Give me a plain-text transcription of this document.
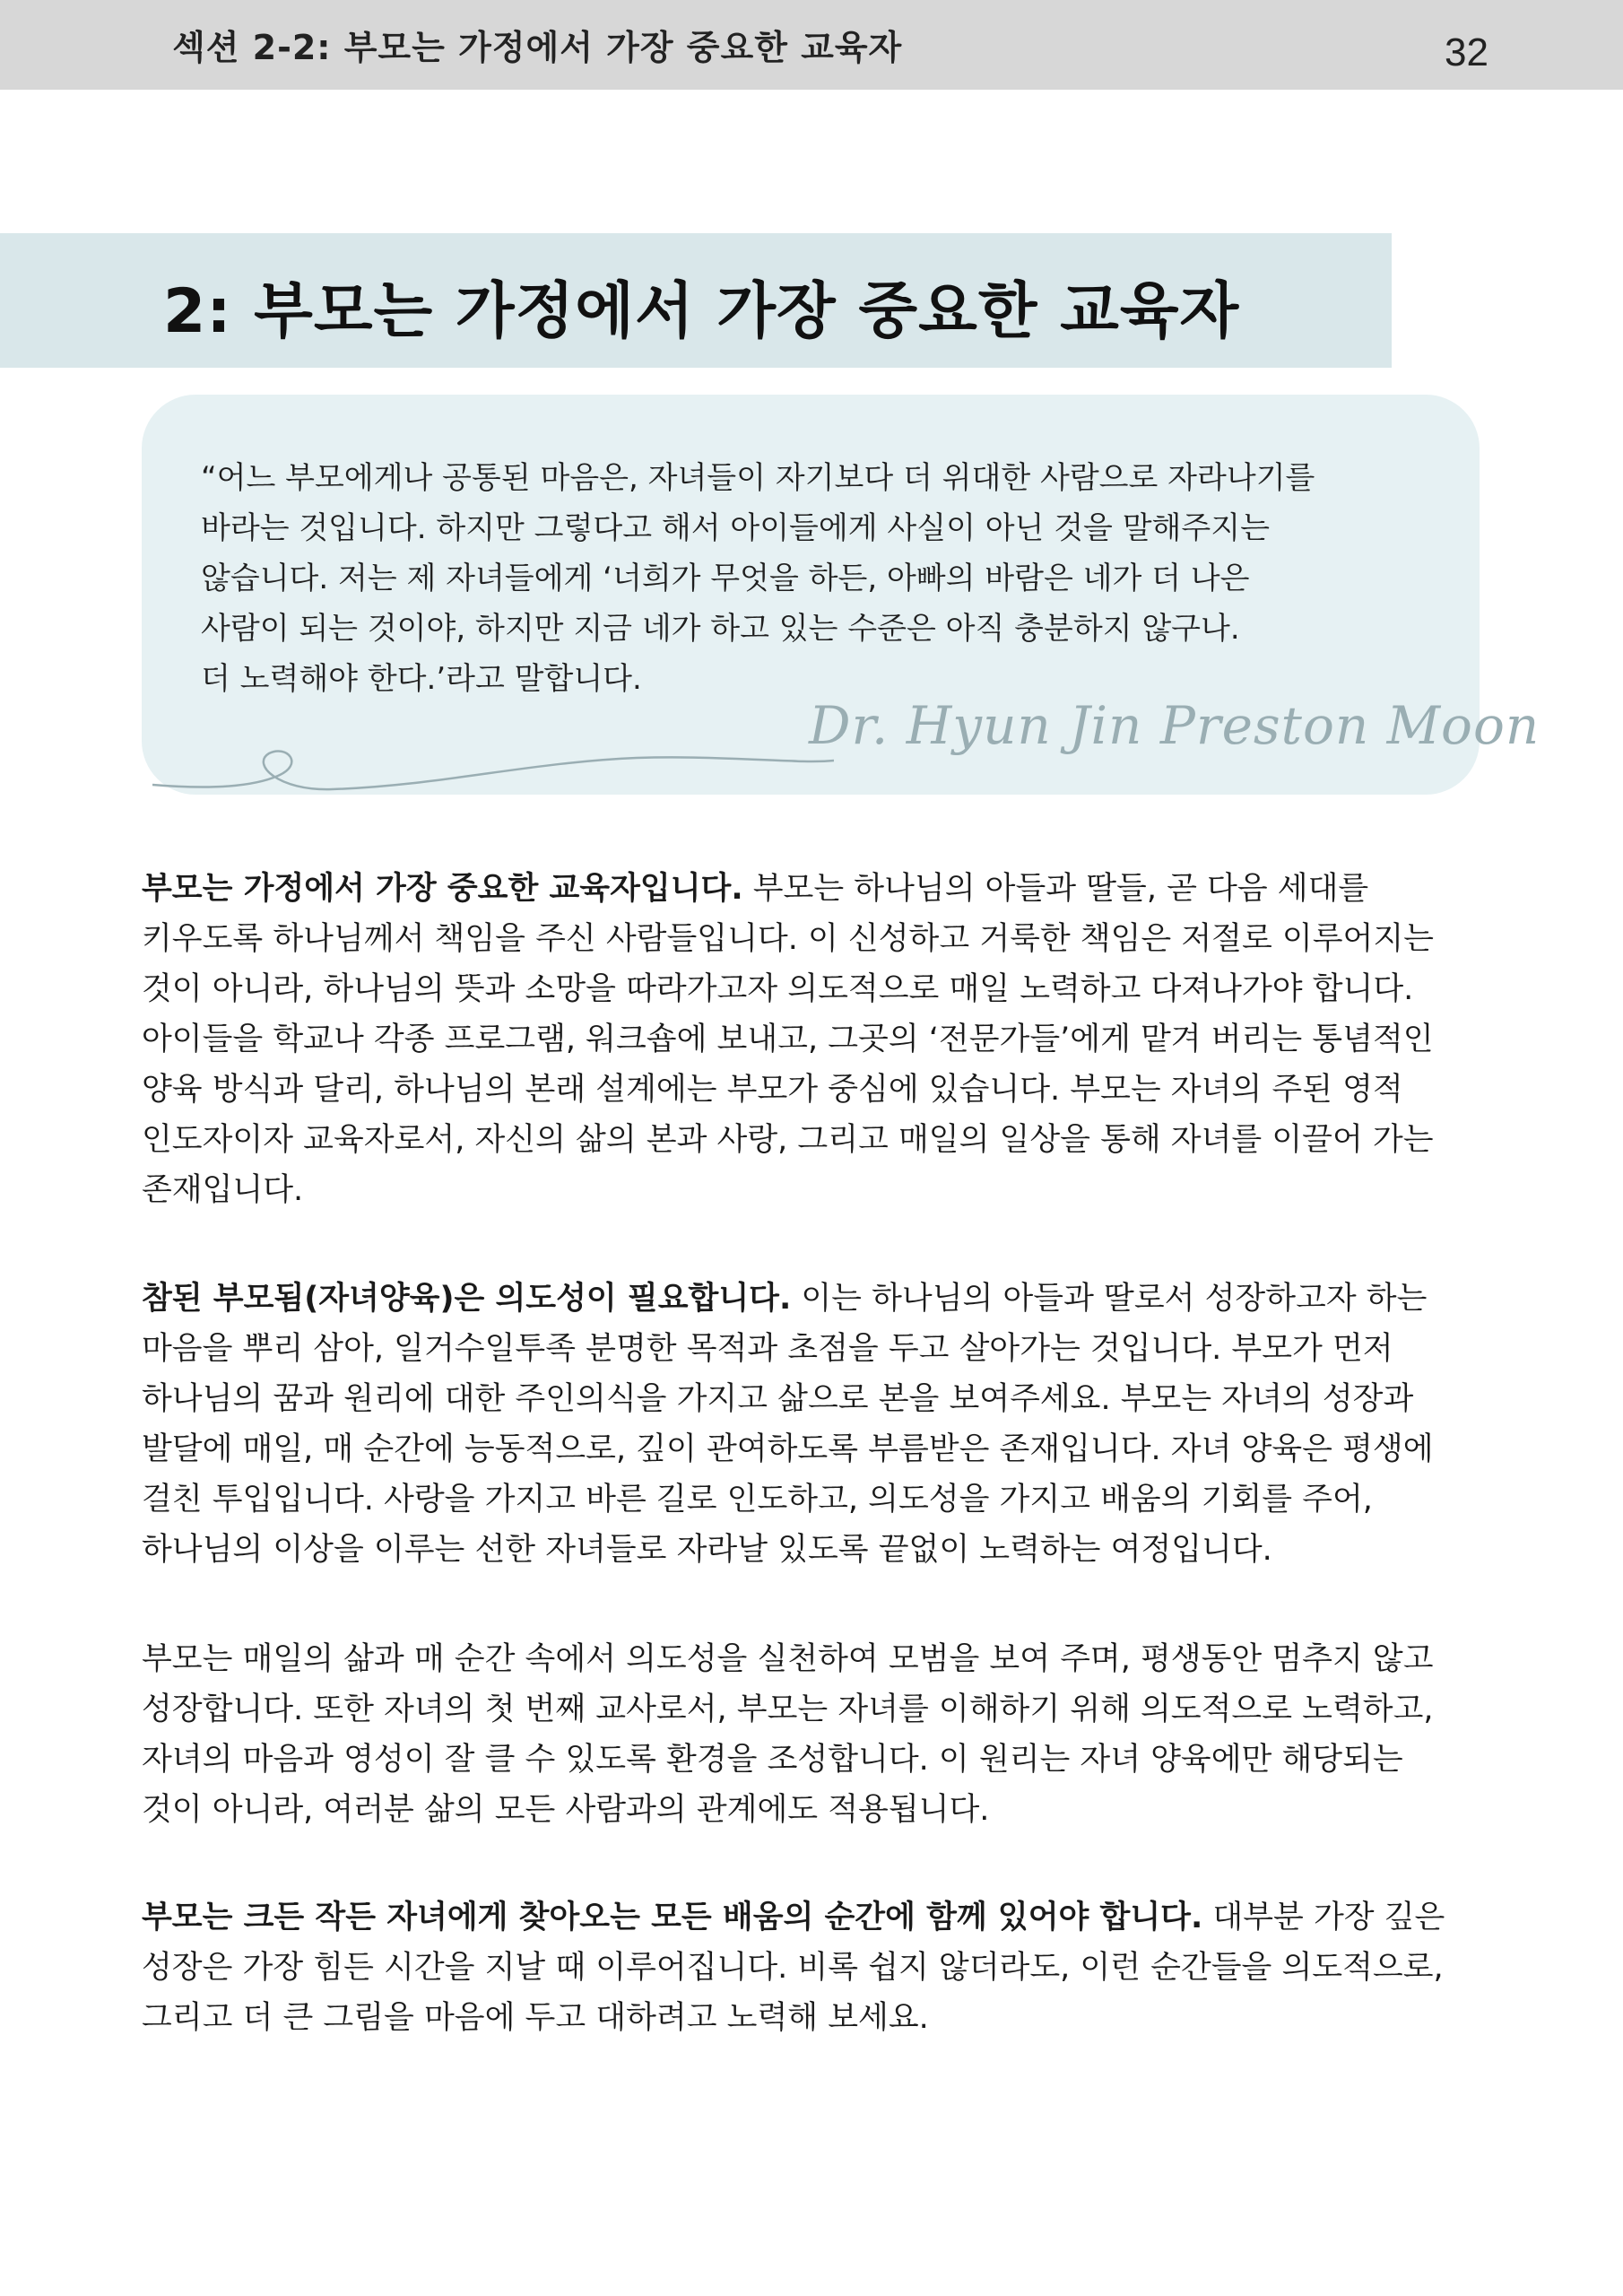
섹션 2-2: 부모는 가정에서 가장 중요한 교육자	32
2: 부모는 가정에서 가장 중요한 교육자

“어느 부모에게나 공통된 마음은, 자녀들이 자기보다 더 위대한 사람으로 자라나기를

바라는 것입니다. 하지만 그렇다고 해서 아이들에게 사실이 아닌 것을 말해주지는

않습니다. 저는 제 자녀들에게 ‘너희가 무엇을 하든, 아빠의 바람은 네가 더 나은

사람이 되는 것이야, 하지만 지금 네가 하고 있는 수준은 아직 충분하지 않구나.

더 노력해야 한다.’라고 말합니다.

Dr. Hyun Jin Preston Moon

부모는 가정에서 가장 중요한 교육자입니다. 부모는 하나님의 아들과 딸들, 곧 다음 세대를

키우도록 하나님께서 책임을 주신 사람들입니다. 이 신성하고 거룩한 책임은 저절로 이루어지는

것이 아니라, 하나님의 뜻과 소망을 따라가고자 의도적으로 매일 노력하고 다져나가야 합니다.

아이들을 학교나 각종 프로그램, 워크숍에 보내고, 그곳의 ‘전문가들’에게 맡겨 버리는 통념적인

양육 방식과 달리, 하나님의 본래 설계에는 부모가 중심에 있습니다. 부모는 자녀의 주된 영적

인도자이자 교육자로서, 자신의 삶의 본과 사랑, 그리고 매일의 일상을 통해 자녀를 이끌어 가는

존재입니다.

참된 부모됨(자녀양육)은 의도성이 필요합니다. 이는 하나님의 아들과 딸로서 성장하고자 하는

마음을 뿌리 삼아, 일거수일투족 분명한 목적과 초점을 두고 살아가는 것입니다. 부모가 먼저

하나님의 꿈과 원리에 대한 주인의식을 가지고 삶으로 본을 보여주세요. 부모는 자녀의 성장과

발달에 매일, 매 순간에 능동적으로, 깊이 관여하도록 부름받은 존재입니다. 자녀 양육은 평생에

걸친 투입입니다. 사랑을 가지고 바른 길로 인도하고, 의도성을 가지고 배움의 기회를 주어,

하나님의 이상을 이루는 선한 자녀들로 자라날 있도록 끝없이 노력하는 여정입니다.

부모는 매일의 삶과 매 순간 속에서 의도성을 실천하여 모범을 보여 주며, 평생동안 멈추지 않고

성장합니다. 또한 자녀의 첫 번째 교사로서, 부모는 자녀를 이해하기 위해 의도적으로 노력하고,

자녀의 마음과 영성이 잘 클 수 있도록 환경을 조성합니다. 이 원리는 자녀 양육에만 해당되는

것이 아니라, 여러분 삶의 모든 사람과의 관계에도 적용됩니다.

부모는 크든 작든 자녀에게 찾아오는 모든 배움의 순간에 함께 있어야 합니다. 대부분 가장 깊은

성장은 가장 힘든 시간을 지날 때 이루어집니다. 비록 쉽지 않더라도, 이런 순간들을 의도적으로,

그리고 더 큰 그림을 마음에 두고 대하려고 노력해 보세요.
